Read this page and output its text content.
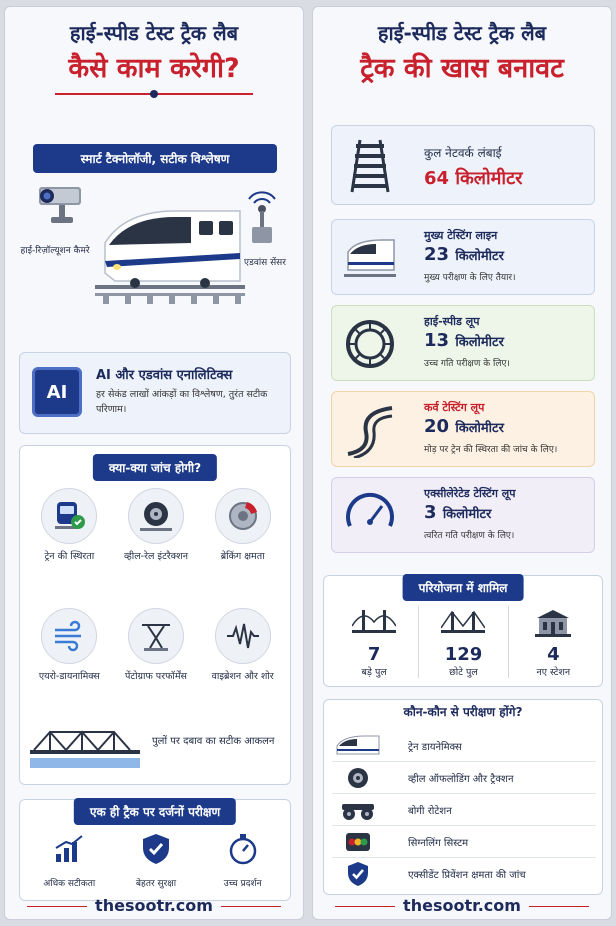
हाई-स्पीड टेस्ट ट्रैक लैब
कैसे काम करेगी?
स्मार्ट टैक्नोलॉजी, सटीक विश्लेषण
हाई-रिज़ॉल्यूशन कैमरे
एडवांस सेंसर
AI
AI और एडवांस एनालिटिक्स
हर सेकंड लाखों आंकड़ों का विश्लेषण, तुरंत सटीक परिणाम।
क्या-क्या जांच होगी?
ट्रेन की स्थिरता	व्हील-रेल इंटरैक्शन	ब्रेकिंग क्षमता
एयरो-डायनामिक्स	पेंटोग्राफ परफॉर्मेंस	वाइब्रेशन और शोर
पुलों पर दबाव का सटीक आकलन
एक ही ट्रैक पर दर्जनों परीक्षण
अधिक सटीकता	बेहतर सुरक्षा	उच्च प्रदर्शन
thesootr.com
हाई-स्पीड टेस्ट ट्रैक लैब
ट्रैक की खास बनावट
कुल नेटवर्क लंबाई
64 किलोमीटर
मुख्य टेस्टिंग लाइन
23 किलोमीटर
मुख्य परीक्षण के लिए तैयार।
हाई-स्पीड लूप
13 किलोमीटर
उच्च गति परीक्षण के लिए।
कर्व टेस्टिंग लूप
20 किलोमीटर
मोड़ पर ट्रेन की स्थिरता की जांच के लिए।
एक्सीलेरेटेड टेस्टिंग लूप
3 किलोमीटर
त्वरित गति परीक्षण के लिए।
परियोजना में शामिल
7
बड़े पुल
129
छोटे पुल
4
नए स्टेशन
कौन-कौन से परीक्षण होंगे?
ट्रेन डायनेमिक्स
व्हील ऑफलोडिंग और ट्रैक्शन
बोगी रोटेशन
सिग्नलिंग सिस्टम
एक्सीडेंट प्रिवेंशन क्षमता की जांच
thesootr.com
